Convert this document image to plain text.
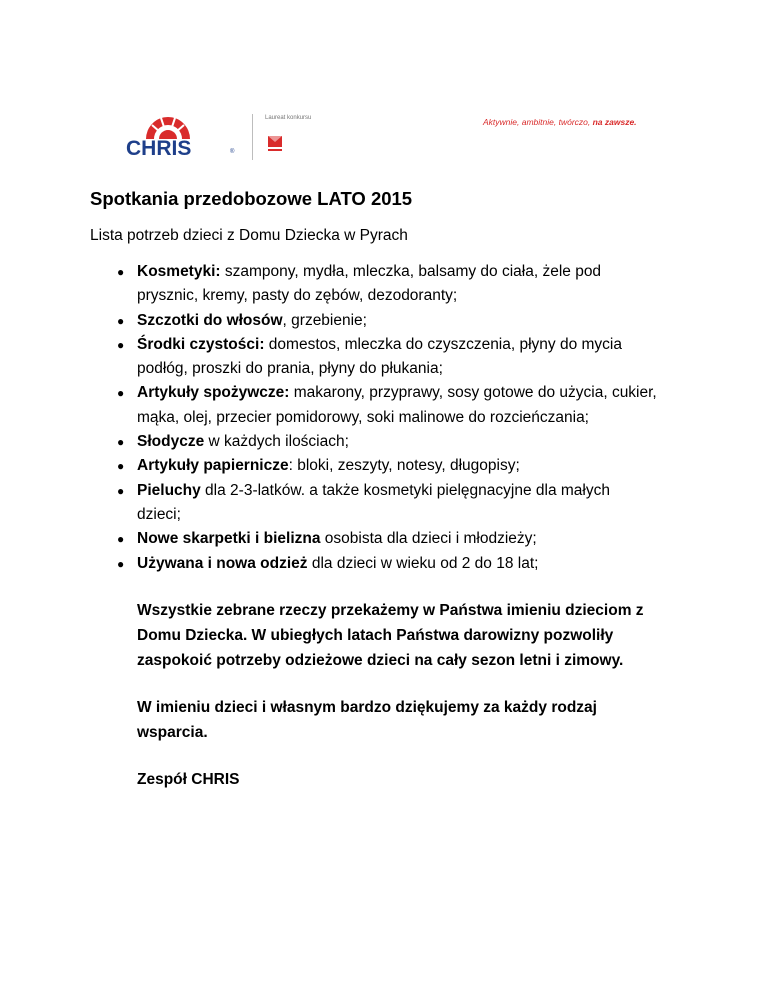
CHRIS	®
Laureat konkursu	Aktywnie, ambitnie, twórczo, na zawsze.
Spotkania przedobozowe LATO 2015

Lista potrzeb dzieci z Domu Dziecka w Pyrach

● Kosmetyki: szampony, mydła, mleczka, balsamy do ciała, żele pod prysznic, kremy, pasty do zębów, dezodoranty;
● Szczotki do włosów, grzebienie;
● Środki czystości: domestos, mleczka do czyszczenia, płyny do mycia podłóg, proszki do prania, płyny do płukania;
● Artykuły spożywcze: makarony, przyprawy, sosy gotowe do użycia, cukier, mąka, olej, przecier pomidorowy, soki malinowe do rozcieńczania;
● Słodycze w każdych ilościach;
● Artykuły papiernicze: bloki, zeszyty, notesy, długopisy;
● Pieluchy dla 2-3-latków. a także kosmetyki pielęgnacyjne dla małych dzieci;
● Nowe skarpetki i bielizna osobista dla dzieci i młodzieży;
● Używana i nowa odzież dla dzieci w wieku od 2 do 18 lat;

Wszystkie zebrane rzeczy przekażemy w Państwa imieniu dzieciom z Domu Dziecka. W ubiegłych latach Państwa darowizny pozwoliły zaspokoić potrzeby odzieżowe dzieci na cały sezon letni i zimowy.

W imieniu dzieci i własnym bardzo dziękujemy za każdy rodzaj wsparcia.

Zespół CHRIS
